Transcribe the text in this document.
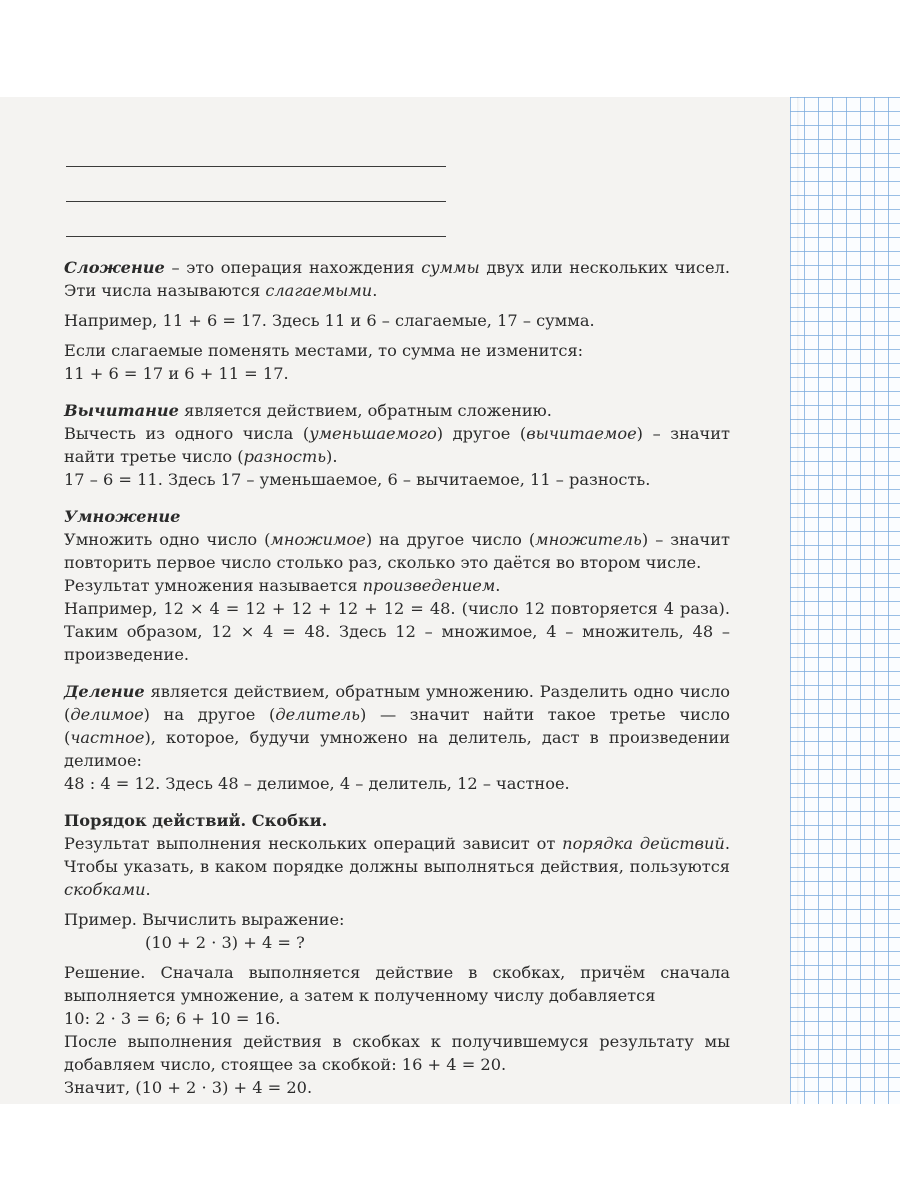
Сложение – это операция нахождения суммы двух или нескольких чисел. Эти числа называются слагаемыми.

Например, 11 + 6 = 17. Здесь 11 и 6 – слагаемые, 17 – сумма.

Если слагаемые поменять местами, то сумма не изменится:
11 + 6 = 17 и 6 + 11 = 17.

Вычитание является действием, обратным сложению.

Вычесть из одного числа (уменьшаемого) другое (вычитаемое) – значит найти третье число (разность).

17 – 6 = 11. Здесь 17 – уменьшаемое, 6 – вычитаемое, 11 – разность.

Умножение

Умножить одно число (множимое) на другое число (множитель) – значит повторить первое число столько раз, сколько это даётся во втором числе.

Результат умножения называется произведением.

Например, 12 × 4 = 12 + 12 + 12 + 12 = 48. (число 12 повторяется 4 раза). Таким образом, 12 × 4 = 48. Здесь 12 – множимое, 4 – множитель, 48 – произведение.

Деление является действием, обратным умножению. Разделить одно число (делимое) на другое (делитель) — значит найти такое третье число (частное), которое, будучи умножено на делитель, даст в произведении делимое:

48 : 4 = 12. Здесь 48 – делимое, 4 – делитель, 12 – частное.

Порядок действий. Скобки.

Результат выполнения нескольких операций зависит от порядка действий. Чтобы указать, в каком порядке должны выполняться действия, пользуются скобками.

Пример. Вычислить выражение:

(10 + 2 · 3) + 4 = ?

Решение. Сначала выполняется действие в скобках, причём сначала выполняется умножение, а затем к полученному числу добавляется

10: 2 · 3 = 6; 6 + 10 = 16.

После выполнения действия в скобках к получившемуся результату мы добавляем число, стоящее за скобкой: 16 + 4 = 20.

Значит, (10 + 2 · 3) + 4 = 20.
